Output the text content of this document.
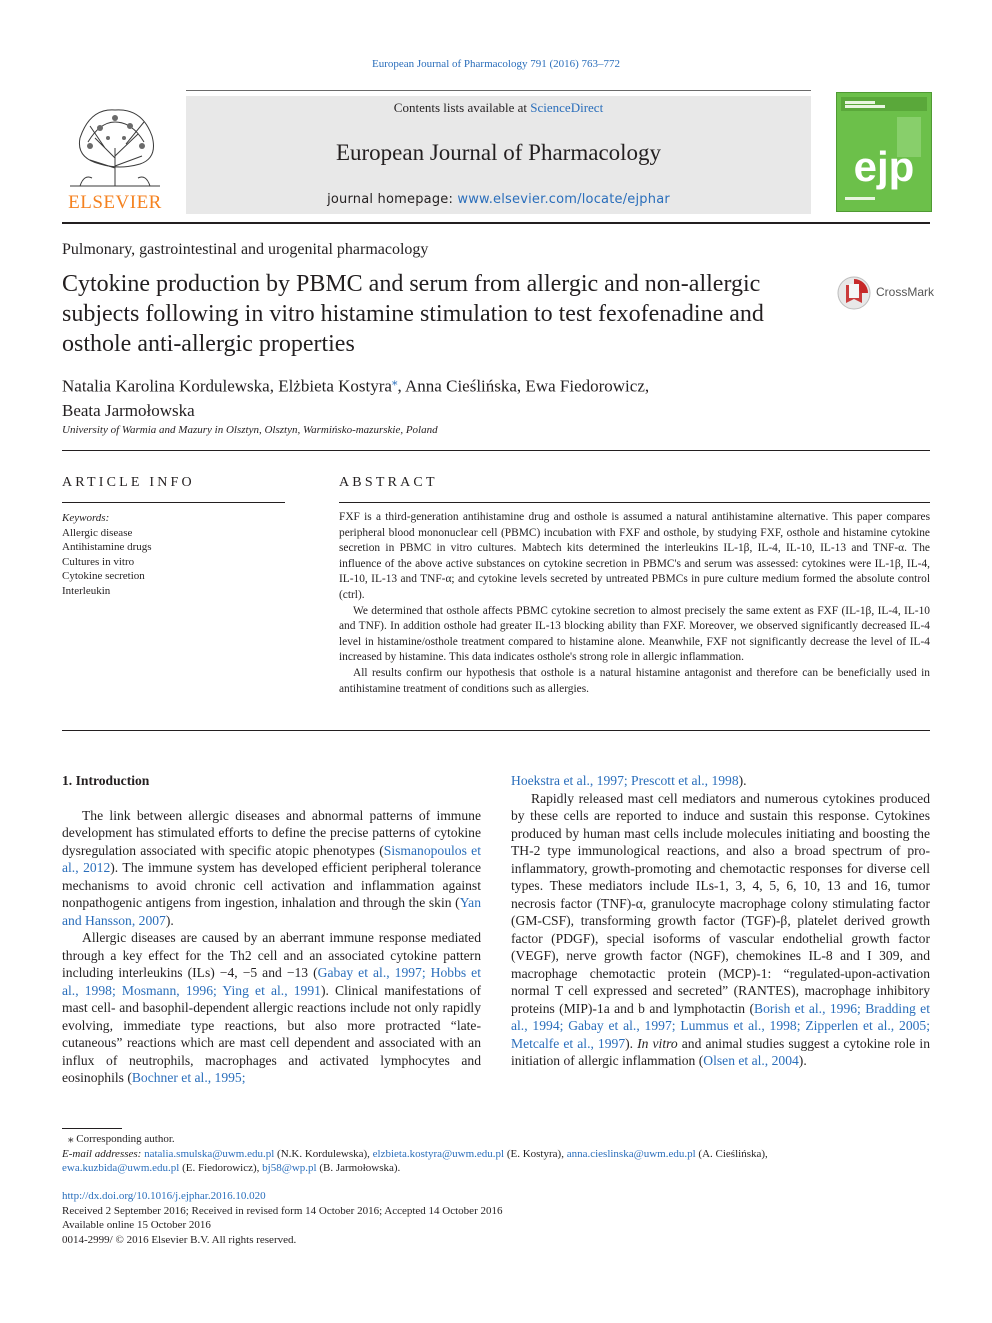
European Journal of Pharmacology 791 (2016) 763–772
Contents lists available at ScienceDirect
European Journal of Pharmacology
journal homepage: www.elsevier.com/locate/ejphar
ELSEVIER
ejp
Pulmonary, gastrointestinal and urogenital pharmacology
Cytokine production by PBMC and serum from allergic and non-allergic subjects following in vitro histamine stimulation to test fexofenadine and osthole anti-allergic properties
CrossMark
Natalia Karolina Kordulewska, Elżbieta Kostyra⁎, Anna Cieślińska, Ewa Fiedorowicz,
Beata Jarmołowska
University of Warmia and Mazury in Olsztyn, Olsztyn, Warmińsko-mazurskie, Poland
ARTICLE INFO
Keywords:
Allergic disease
Antihistamine drugs
Cultures in vitro
Cytokine secretion
Interleukin
ABSTRACT

FXF is a third-generation antihistamine drug and osthole is assumed a natural antihistamine alternative. This paper compares peripheral blood mononuclear cell (PBMC) incubation with FXF and osthole, by studying FXF, osthole and histamine cytokine secretion in PBMC in vitro cultures. Mabtech kits determined the interleukins IL-1β, IL-4, IL-10, IL-13 and TNF-α. The influence of the above active substances on cytokine secretion in PBMC's and serum was assessed: cytokines were IL-1β, IL-4, IL-10, IL-13 and TNF-α; and cytokine levels secreted by untreated PBMCs in pure culture medium formed the absolute control (ctrl).

We determined that osthole affects PBMC cytokine secretion to almost precisely the same extent as FXF (IL-1β, IL-4, IL-10 and TNF). In addition osthole had greater IL-13 blocking ability than FXF. Moreover, we observed significantly decreased IL-4 level in histamine/osthole treatment compared to histamine alone. Meanwhile, FXF not significantly decrease the level of IL-4 increased by histamine. This data indicates osthole's strong role in allergic inflammation.

All results confirm our hypothesis that osthole is a natural histamine antagonist and therefore can be beneficially used in antihistamine treatment of conditions such as allergies.

1. Introduction

The link between allergic diseases and abnormal patterns of immune development has stimulated efforts to define the precise patterns of cytokine dysregulation associated with specific atopic phenotypes (Sismanopoulos et al., 2012). The immune system has developed efficient peripheral tolerance mechanisms to avoid chronic cell activation and inflammation against nonpathogenic antigens from ingestion, inhalation and through the skin (Yan and Hansson, 2007).

Allergic diseases are caused by an aberrant immune response mediated through a key effect for the Th2 cell and an associated cytokine pattern including interleukins (ILs) −4, −5 and −13 (Gabay et al., 1997; Hobbs et al., 1998; Mosmann, 1996; Ying et al., 1991). Clinical manifestations of mast cell- and basophil-dependent allergic reactions include not only rapidly evolving, immediate type reactions, but also more protracted “late-cutaneous” reactions which are mast cell dependent and associated with an influx of neutrophils, macrophages and activated lymphocytes and eosinophils (Bochner et al., 1995;

Hoekstra et al., 1997; Prescott et al., 1998).

Rapidly released mast cell mediators and numerous cytokines produced by these cells are reported to induce and sustain this response. Cytokines produced by human mast cells include molecules initiating and boosting the TH-2 type immunological reactions, and also a broad spectrum of pro-inflammatory, growth-promoting and chemotactic responses for diverse cell types. These mediators include ILs-1, 3, 4, 5, 6, 10, 13 and 16, tumor necrosis factor (TNF)-α, granulocyte macrophage colony stimulating factor (GM-CSF), transforming growth factor (TGF)-β, platelet derived growth factor (PDGF), special isoforms of vascular endothelial growth factor (VEGF), nerve growth factor (NGF), chemokines IL-8 and I 309, and macrophage chemotactic protein (MCP)-1: “regulated-upon-activation normal T cell expressed and secreted” (RANTES), macrophage inhibitory proteins (MIP)-1a and b and lymphotactin (Borish et al., 1996; Bradding et al., 1994; Gabay et al., 1997; Lummus et al., 1998; Zipperlen et al., 2005; Metcalfe et al., 1997). In vitro and animal studies suggest a cytokine role in initiation of allergic inflammation (Olsen et al., 2004).

⁎ Corresponding author.
E-mail addresses: natalia.smulska@uwm.edu.pl (N.K. Kordulewska), elzbieta.kostyra@uwm.edu.pl (E. Kostyra), anna.cieslinska@uwm.edu.pl (A. Cieślińska),
ewa.kuzbida@uwm.edu.pl (E. Fiedorowicz), bj58@wp.pl (B. Jarmołowska).
http://dx.doi.org/10.1016/j.ejphar.2016.10.020
Received 2 September 2016; Received in revised form 14 October 2016; Accepted 14 October 2016
Available online 15 October 2016
0014-2999/ © 2016 Elsevier B.V. All rights reserved.
